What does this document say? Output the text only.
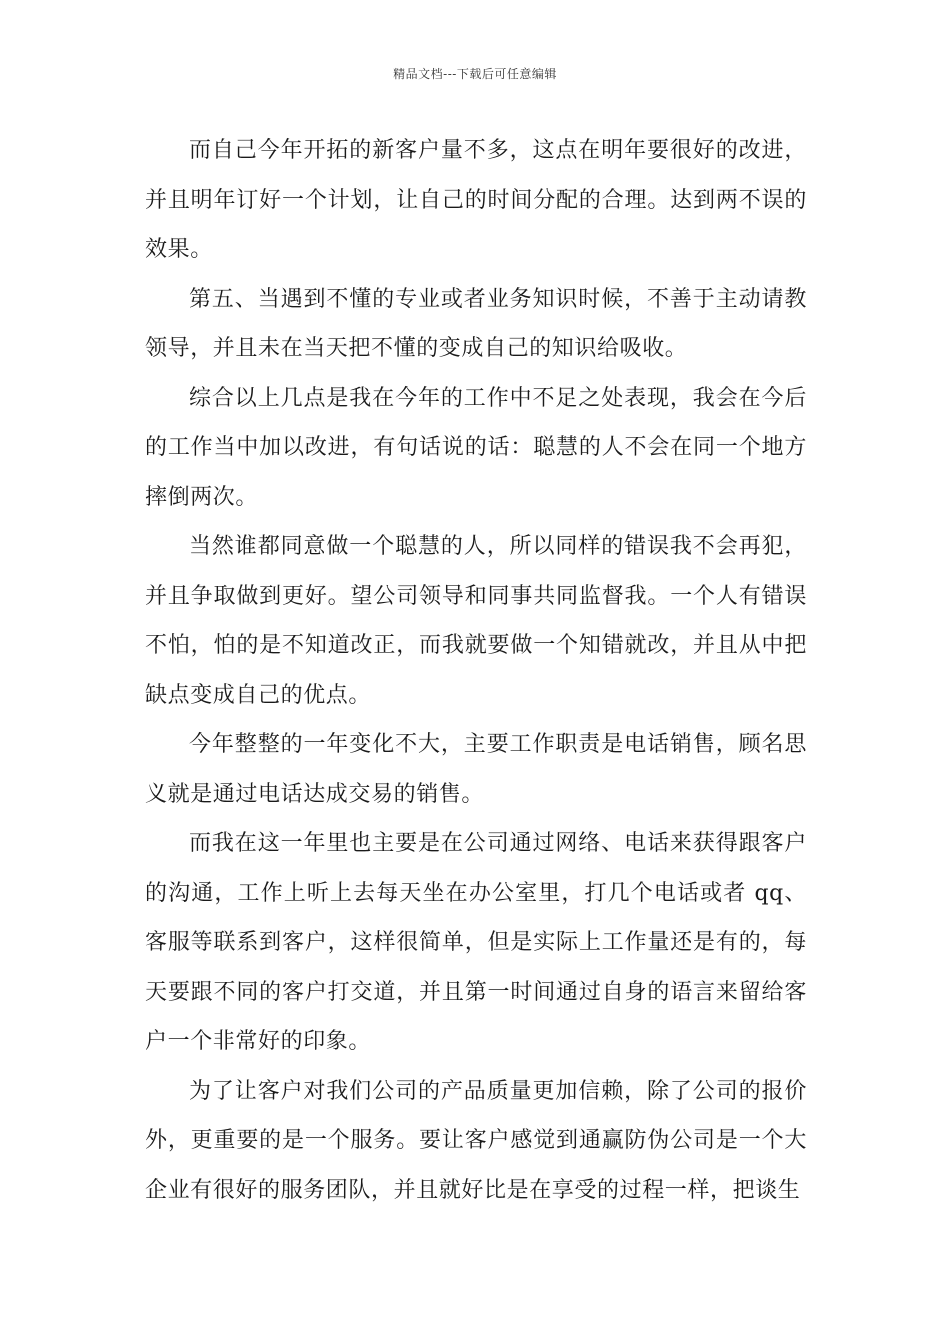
精品文档---下载后可任意编辑

而自己今年开拓的新客户量不多，这点在明年要很好的改进，并且明年订好一个计划，让自己的时间分配的合理。达到两不误的效果。

第五、当遇到不懂的专业或者业务知识时候，不善于主动请教领导，并且未在当天把不懂的变成自己的知识给吸收。

综合以上几点是我在今年的工作中不足之处表现，我会在今后的工作当中加以改进，有句话说的话：聪慧的人不会在同一个地方摔倒两次。

当然谁都同意做一个聪慧的人，所以同样的错误我不会再犯，并且争取做到更好。望公司领导和同事共同监督我。一个人有错误不怕，怕的是不知道改正，而我就要做一个知错就改，并且从中把缺点变成自己的优点。

今年整整的一年变化不大，主要工作职责是电话销售，顾名思义就是通过电话达成交易的销售。

而我在这一年里也主要是在公司通过网络、电话来获得跟客户的沟通，工作上听上去每天坐在办公室里，打几个电话或者 qq、客服等联系到客户，这样很简单，但是实际上工作量还是有的，每天要跟不同的客户打交道，并且第一时间通过自身的语言来留给客户一个非常好的印象。

为了让客户对我们公司的产品质量更加信赖，除了公司的报价外，更重要的是一个服务。要让客户感觉到通赢防伪公司是一个大企业有很好的服务团队，并且就好比是在享受的过程一样，把谈生
